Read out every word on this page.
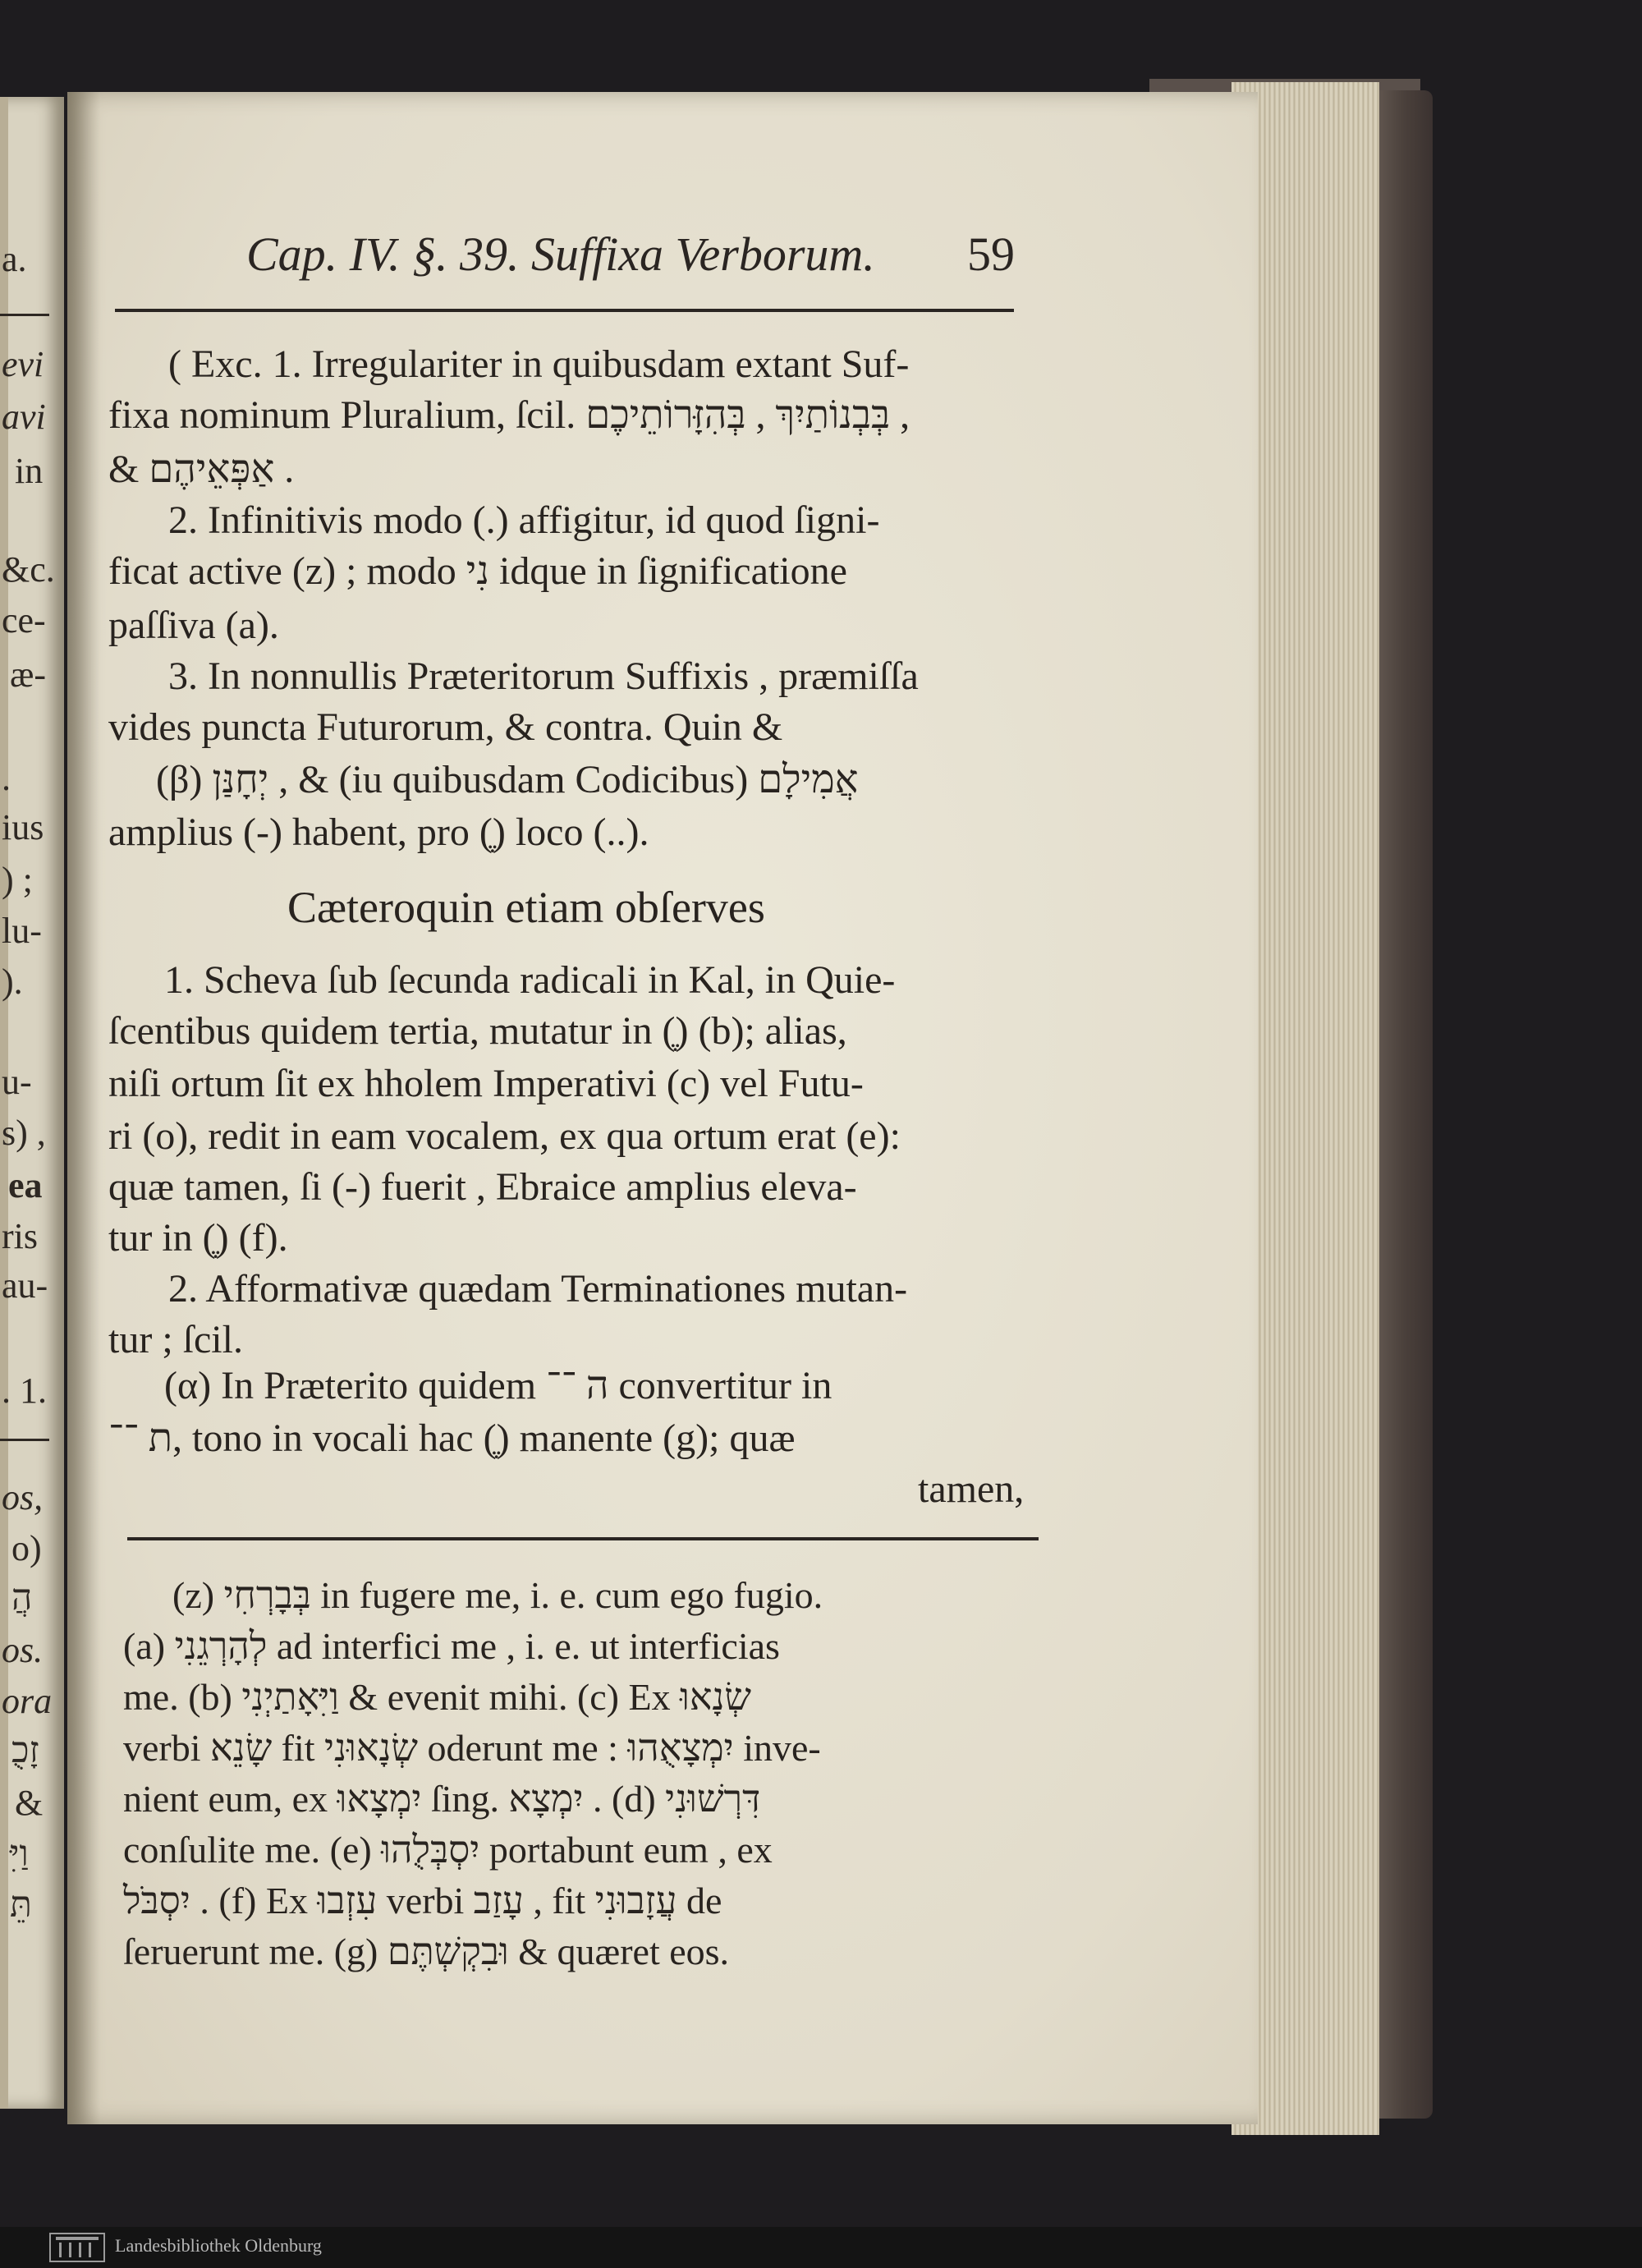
a.
evi
avi
in
&c.
ce-
æ-
.
ius
) ;
lu-
).
u-
s) ,
ea
ris
au-
. 1.
os,
o)
הֲ
os.
ora
זָכֻ
&
וַיִּ
תֵּ
Cap. IV. §. 39. Suffixa Verborum. 59
( Exc. 1. Irregulariter in quibusdam extant Suf-
fixa nominum Pluralium, ſcil. בְּבְנוֹתַיִךְ , בְּהִזָּרוֹתֵיכֶם ,
& אַפְּאֵיהֶם .
2. Infinitivis modo (.) affigitur, id quod ſigni-
ficat active (z) ; modo נִי idque in ſignificatione
paſſiva (a).
3. In nonnullis Præteritorum Suffixis , præmiſſa
vides puncta Futurorum, & contra. Quin &
(β) יְחָנַּן , & (iu quibusdam Codicibus) אֲמִילָם
amplius (-) habent, pro (ֶ) loco (..).
Cæteroquin etiam obſerves
1. Scheva ſub ſecunda radicali in Kal, in Quie-
ſcentibus quidem tertia, mutatur in (ֶ) (b); alias,
niſi ortum ſit ex hholem Imperativi (c) vel Futu-
ri (o), redit in eam vocalem, ex qua ortum erat (e):
quæ tamen, ſi (-) fuerit , Ebraice amplius eleva-
tur in (ֶ) (f).
2. Afformativæ quædam Terminationes mutan-
tur ; ſcil.
(α) In Præterito quidem ה ־־ convertitur in
ת ־־, tono in vocali hac (ֶ) manente (g); quæ
tamen,
(z) בְּבָרְחִי in fugere me, i. e. cum ego fugio.
(a) לְהָרְגֵנִי ad interfici me , i. e. ut interficias
me. (b) וַיִּאָתַיְנִי & evenit mihi. (c) Ex שְׂנָאוּ
verbi שָׂנֵא fit שְׂנָאוּנִי oderunt me : יִמְצָאֻהוּ inve-
nient eum, ex יִמְצָאוּ ſing. יִמְצָא . (d) דִּרְשׁוּנִי
conſulite me. (e) יִסְבְּלֻהוּ portabunt eum , ex
יִסְבֹּל . (f) Ex עִזְבוּ verbi עָזַב , fit עֲזָבוּנִי de
ſeruerunt me. (g) וּבִקְשְׁתֶּם & quæret eos.
Landesbibliothek Oldenburg
